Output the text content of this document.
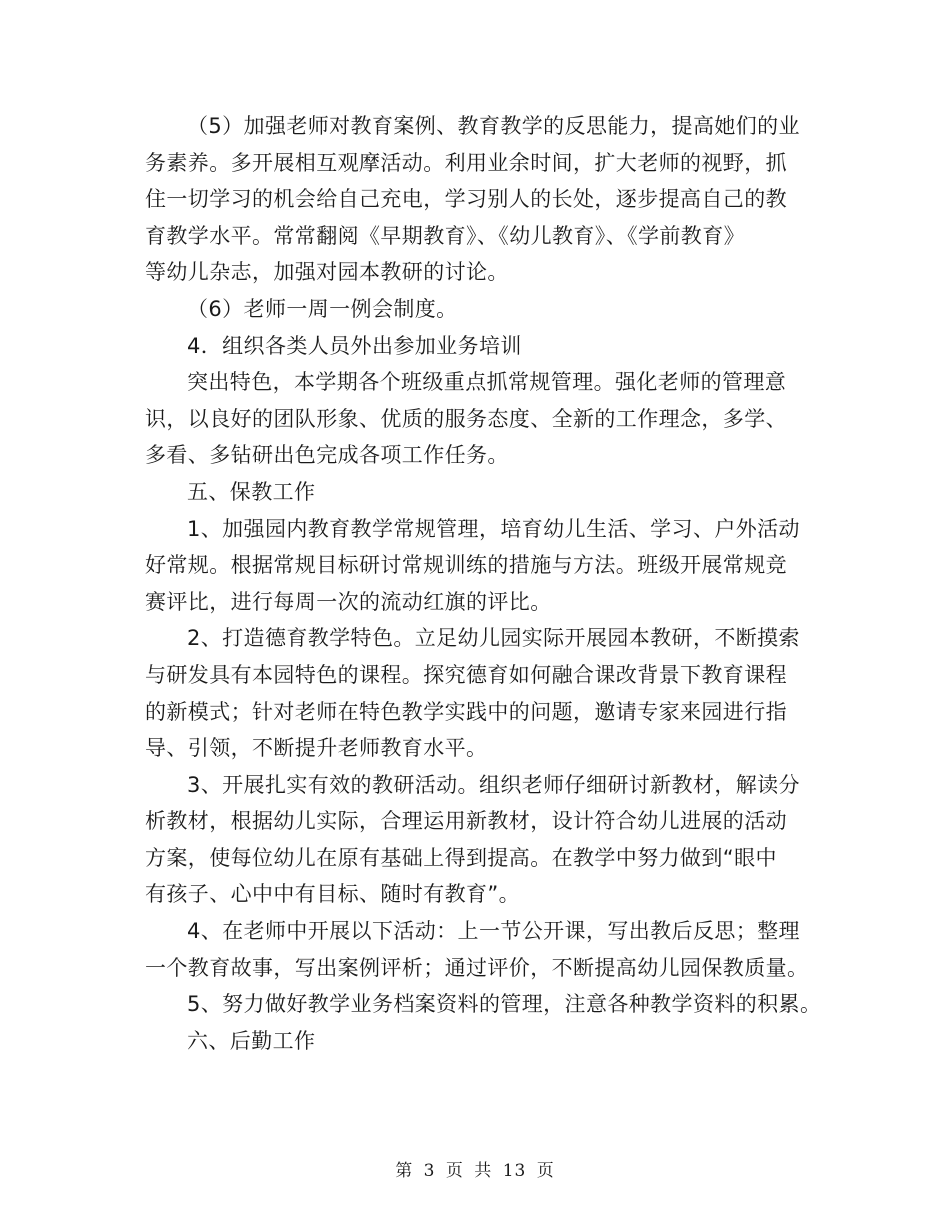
（5）加强老师对教育案例、教育教学的反思能力，提高她们的业
务素养。多开展相互观摩活动。利用业余时间，扩大老师的视野，抓
住一切学习的机会给自己充电，学习别人的长处，逐步提高自己的教
育教学水平。常常翻阅《早期教育》、《幼儿教育》、《学前教育》
等幼儿杂志，加强对园本教研的讨论。
（6）老师一周一例会制度。
4．组织各类人员外出参加业务培训
突出特色，本学期各个班级重点抓常规管理。强化老师的管理意
识，以良好的团队形象、优质的服务态度、全新的工作理念，多学、
多看、多钻研出色完成各项工作任务。
五、保教工作
1、加强园内教育教学常规管理，培育幼儿生活、学习、户外活动
好常规。根据常规目标研讨常规训练的措施与方法。班级开展常规竞
赛评比，进行每周一次的流动红旗的评比。
2、打造德育教学特色。立足幼儿园实际开展园本教研，不断摸索
与研发具有本园特色的课程。探究德育如何融合课改背景下教育课程
的新模式；针对老师在特色教学实践中的问题，邀请专家来园进行指
导、引领，不断提升老师教育水平。
3、开展扎实有效的教研活动。组织老师仔细研讨新教材，解读分
析教材，根据幼儿实际，合理运用新教材，设计符合幼儿进展的活动
方案，使每位幼儿在原有基础上得到提高。在教学中努力做到“眼中
有孩子、心中中有目标、随时有教育”。
4、在老师中开展以下活动：上一节公开课，写出教后反思；整理
一个教育故事，写出案例评析；通过评价，不断提高幼儿园保教质量。
5、努力做好教学业务档案资料的管理，注意各种教学资料的积累。
六、后勤工作
第 3 页 共 13 页
